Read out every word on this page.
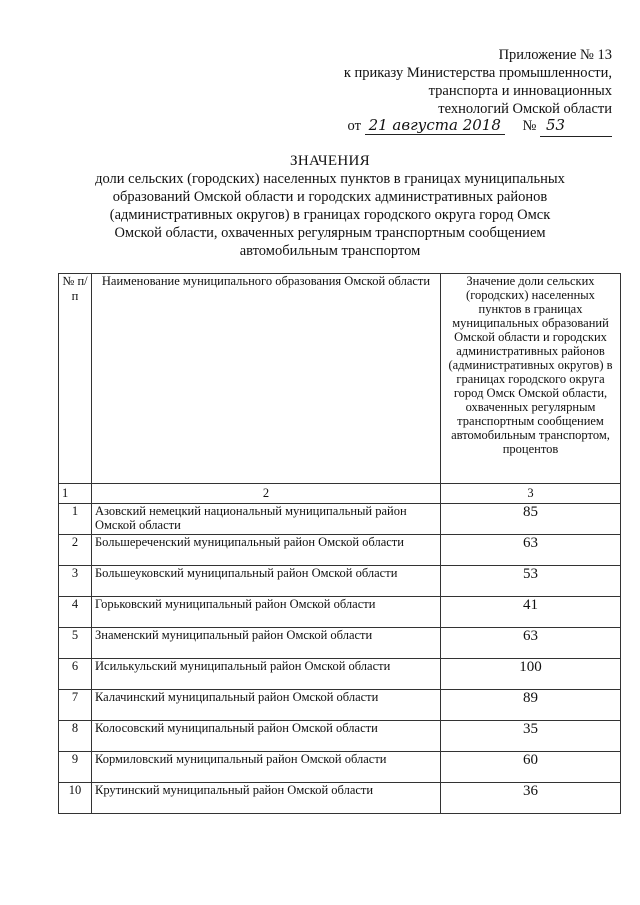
Приложение № 13
к приказу Министерства промышленности,
транспорта и инновационных
технологий Омской области
от 21 августа 2018 № 53
ЗНАЧЕНИЯ
доли сельских (городских) населенных пунктов в границах муниципальных
образований Омской области и городских административных районов
(административных округов) в границах городского округа город Омск
Омской области, охваченных регулярным транспортным сообщением
автомобильным транспортом
№ п/п	Наименование муниципального образования Омской области	Значение доли сельских (городских) населенных пунктов в границах муниципальных образований Омской области и городских административных районов (административных округов) в границах городского округа город Омск Омской области, охваченных регулярным транспортным сообщением автомобильным транспортом, процентов
1	2	3
1	Азовский немецкий национальный муниципальный район Омской области	85
2	Большереченский муниципальный район Омской области	63
3	Большеуковский муниципальный район Омской области	53
4	Горьковский муниципальный район Омской области	41
5	Знаменский муниципальный район Омской области	63
6	Исилькульский муниципальный район Омской области	100
7	Калачинский муниципальный район Омской области	89
8	Колосовский муниципальный район Омской области	35
9	Кормиловский муниципальный район Омской области	60
10	Крутинский муниципальный район Омской области	36
